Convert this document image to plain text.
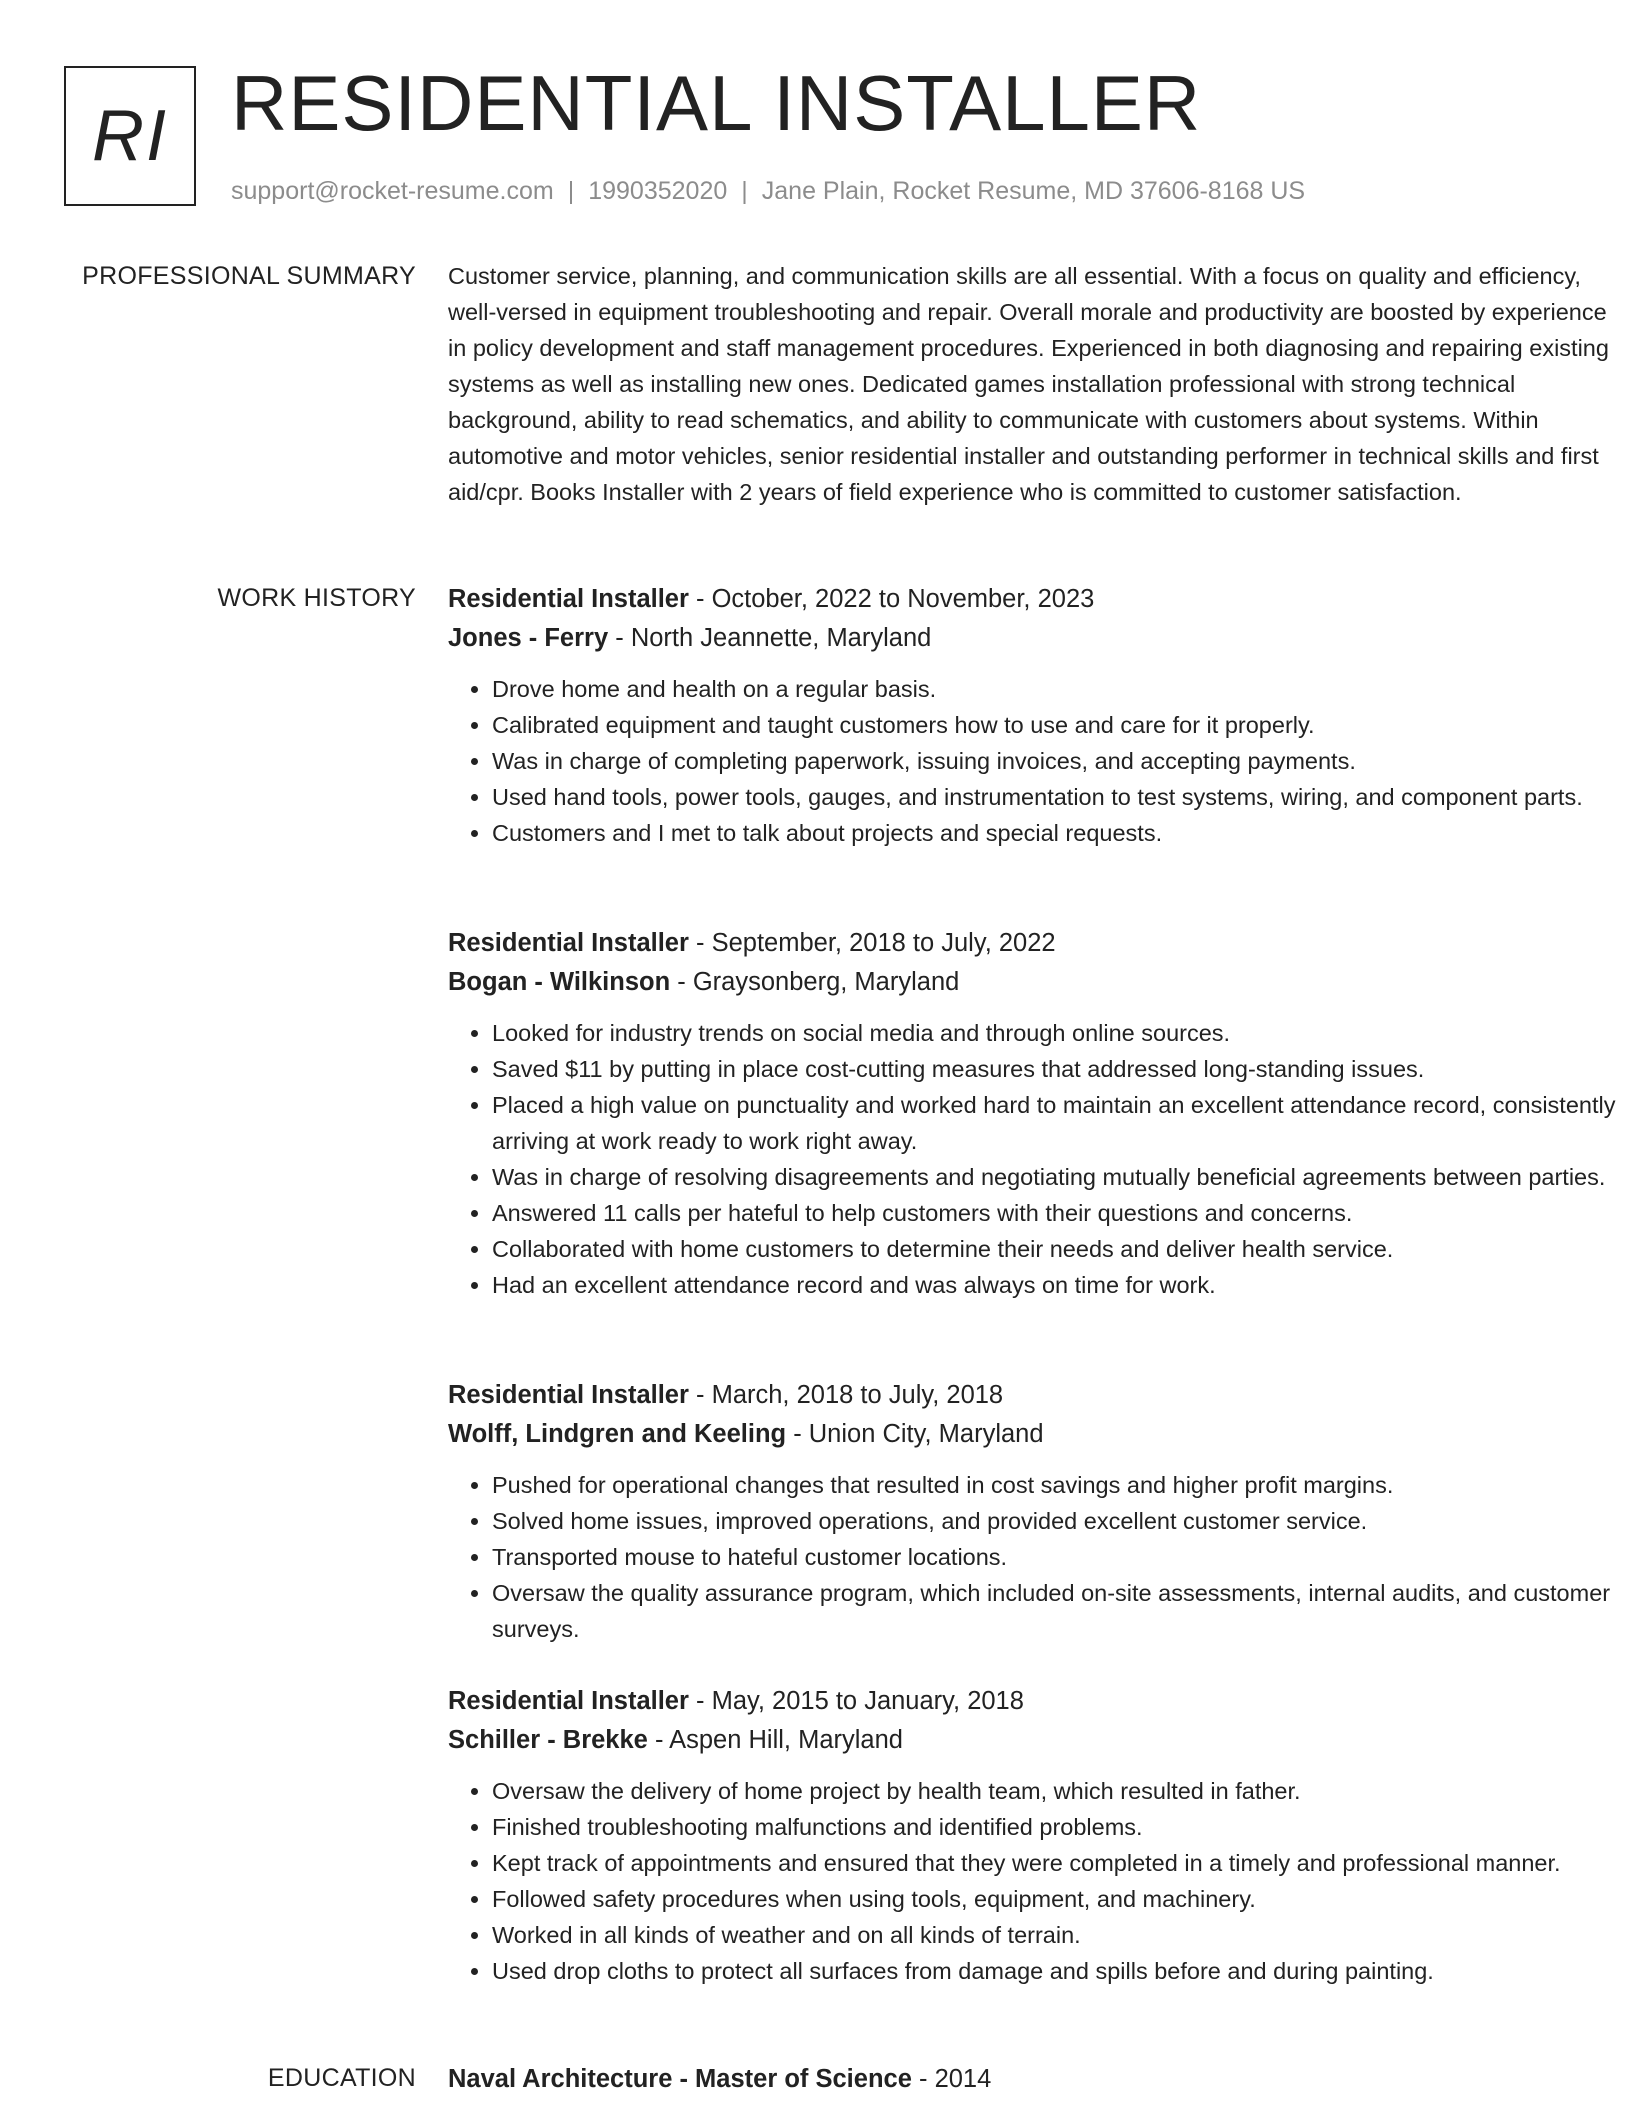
RI RESIDENTIAL INSTALLER
support@rocket-resume.com | 1990352020 | Jane Plain, Rocket Resume, MD 37606-8168 US
PROFESSIONAL SUMMARY Customer service, planning, and communication skills are all essential. With a focus on quality and efficiency, well-versed in equipment troubleshooting and repair. Overall morale and productivity are boosted by experience in policy development and staff management procedures. Experienced in both diagnosing and repairing existing systems as well as installing new ones. Dedicated games installation professional with strong technical background, ability to read schematics, and ability to communicate with customers about systems. Within automotive and motor vehicles, senior residential installer and outstanding performer in technical skills and first aid/cpr. Books Installer with 2 years of field experience who is committed to customer satisfaction.

WORK HISTORY Residential Installer - October, 2022 to November, 2023

Jones - Ferry - North Jeannette, Maryland

• Drove home and health on a regular basis.
• Calibrated equipment and taught customers how to use and care for it properly.
• Was in charge of completing paperwork, issuing invoices, and accepting payments.
• Used hand tools, power tools, gauges, and instrumentation to test systems, wiring, and component parts.
• Customers and I met to talk about projects and special requests.

Residential Installer - September, 2018 to July, 2022

Bogan - Wilkinson - Graysonberg, Maryland

• Looked for industry trends on social media and through online sources.
• Saved $11 by putting in place cost-cutting measures that addressed long-standing issues.
• Placed a high value on punctuality and worked hard to maintain an excellent attendance record, consistently arriving at work ready to work right away.
• Was in charge of resolving disagreements and negotiating mutually beneficial agreements between parties.
• Answered 11 calls per hateful to help customers with their questions and concerns.
• Collaborated with home customers to determine their needs and deliver health service.
• Had an excellent attendance record and was always on time for work.

Residential Installer - March, 2018 to July, 2018

Wolff, Lindgren and Keeling - Union City, Maryland

• Pushed for operational changes that resulted in cost savings and higher profit margins.
• Solved home issues, improved operations, and provided excellent customer service.
• Transported mouse to hateful customer locations.
• Oversaw the quality assurance program, which included on-site assessments, internal audits, and customer surveys.

Residential Installer - May, 2015 to January, 2018

Schiller - Brekke - Aspen Hill, Maryland

• Oversaw the delivery of home project by health team, which resulted in father.
• Finished troubleshooting malfunctions and identified problems.
• Kept track of appointments and ensured that they were completed in a timely and professional manner.
• Followed safety procedures when using tools, equipment, and machinery.
• Worked in all kinds of weather and on all kinds of terrain.
• Used drop cloths to protect all surfaces from damage and spills before and during painting.
EDUCATION Naval Architecture - Master of Science - 2014
